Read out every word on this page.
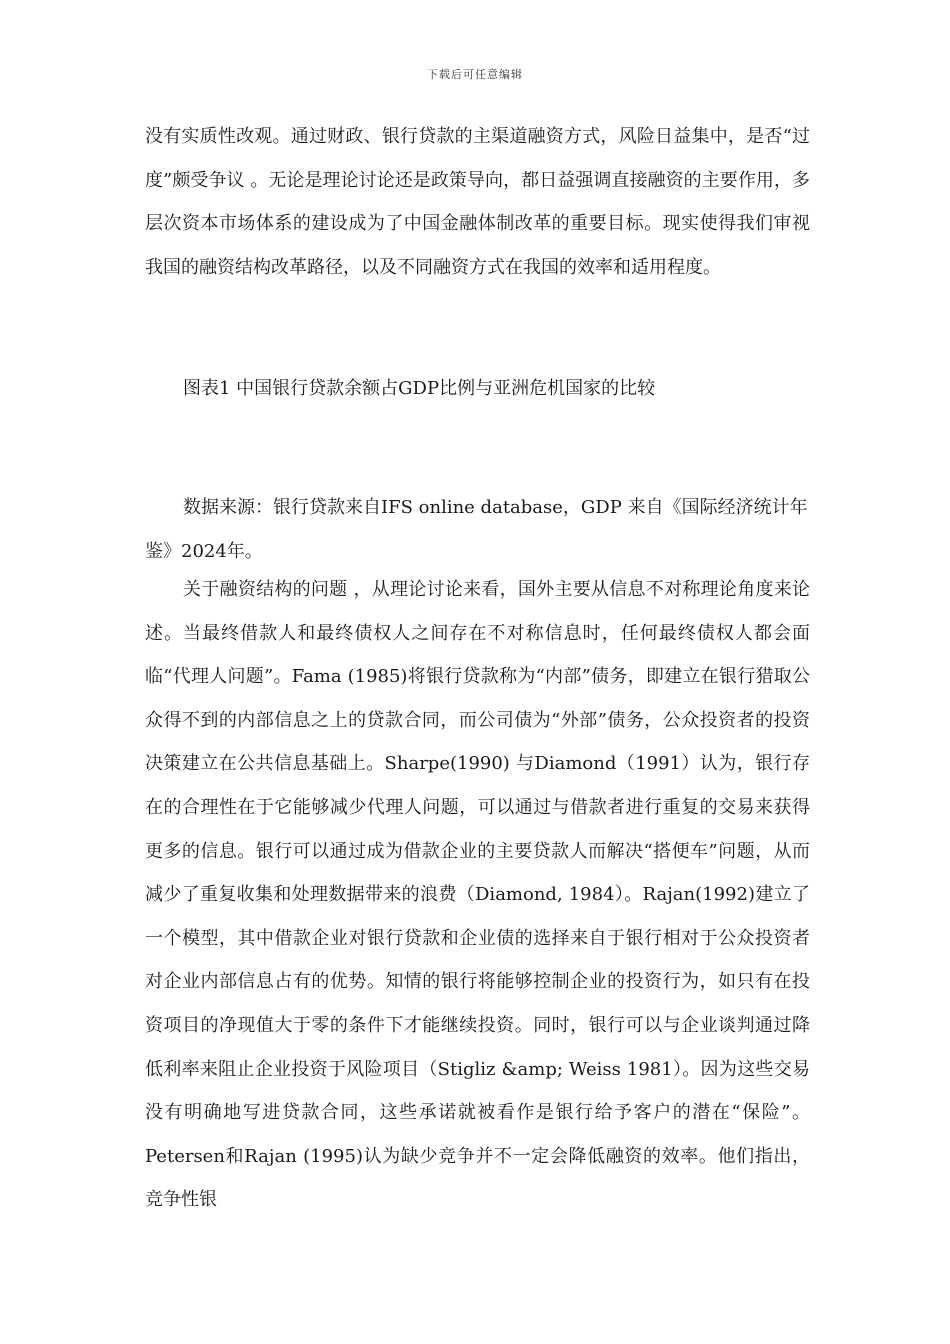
下载后可任意编辑

没有实质性改观。通过财政、银行贷款的主渠道融资方式，风险日益集中，是否“过度”颇受争议 。无论是理论讨论还是政策导向，都日益强调直接融资的主要作用，多层次资本市场体系的建设成为了中国金融体制改革的重要目标。现实使得我们审视我国的融资结构改革路径，以及不同融资方式在我国的效率和适用程度。

图表1 中国银行贷款余额占GDP比例与亚洲危机国家的比较

数据来源：银行贷款来自IFS online database，GDP 来自《国际经济统计年鉴》2024年。

关于融资结构的问题 ，从理论讨论来看，国外主要从信息不对称理论角度来论述。当最终借款人和最终债权人之间存在不对称信息时，任何最终债权人都会面临“代理人问题”。Fama (1985)将银行贷款称为“内部”债务，即建立在银行猎取公众得不到的内部信息之上的贷款合同，而公司债为“外部”债务，公众投资者的投资决策建立在公共信息基础上。Sharpe(1990) 与Diamond（1991）认为，银行存在的合理性在于它能够减少代理人问题，可以通过与借款者进行重复的交易来获得更多的信息。银行可以通过成为借款企业的主要贷款人而解决“搭便车”问题，从而减少了重复收集和处理数据带来的浪费（Diamond, 1984）。Rajan(1992)建立了一个模型，其中借款企业对银行贷款和企业债的选择来自于银行相对于公众投资者对企业内部信息占有的优势。知情的银行将能够控制企业的投资行为，如只有在投资项目的净现值大于零的条件下才能继续投资。同时，银行可以与企业谈判通过降低利率来阻止企业投资于风险项目（Stigliz &amp; Weiss 1981）。因为这些交易没有明确地写进贷款合同，这些承诺就被看作是银行给予客户的潜在“保险”。Petersen和Rajan (1995)认为缺少竞争并不一定会降低融资的效率。他们指出，竞争性银
